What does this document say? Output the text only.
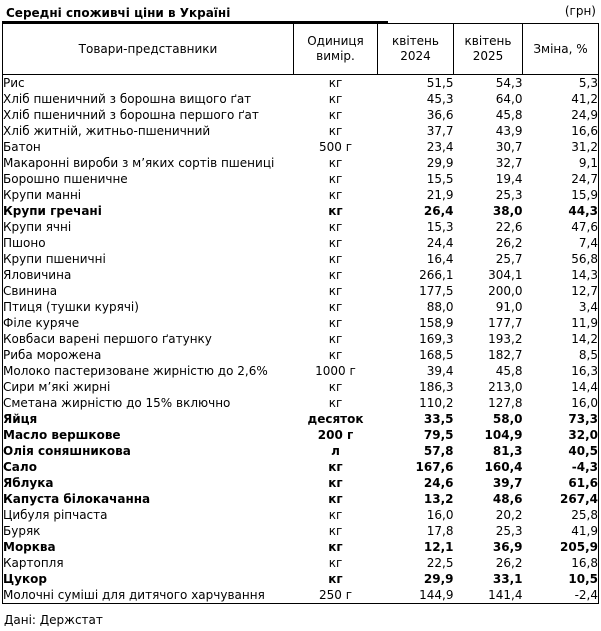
Середні споживчі ціни в Україні	(грн)
Товари-представники	Одиниця вимір.	квітень 2024	квітень 2025	Зміна, %
Рис	кг	51,5	54,3	5,3
Хліб пшеничний з борошна вищого ґат	кг	45,3	64,0	41,2
Хліб пшеничний з борошна першого ґат	кг	36,6	45,8	24,9
Хліб житній, житньо-пшеничний	кг	37,7	43,9	16,6
Батон	500 г	23,4	30,7	31,2
Макаронні вироби з м’яких сортів пшениці	кг	29,9	32,7	9,1
Борошно пшеничне	кг	15,5	19,4	24,7
Крупи манні	кг	21,9	25,3	15,9
Крупи гречані	кг	26,4	38,0	44,3
Крупи ячні	кг	15,3	22,6	47,6
Пшоно	кг	24,4	26,2	7,4
Крупи пшеничні	кг	16,4	25,7	56,8
Яловичина	кг	266,1	304,1	14,3
Свинина	кг	177,5	200,0	12,7
Птиця (тушки курячі)	кг	88,0	91,0	3,4
Філе куряче	кг	158,9	177,7	11,9
Ковбаси варені першого ґатунку	кг	169,3	193,2	14,2
Риба морожена	кг	168,5	182,7	8,5
Молоко пастеризоване жирністю до 2,6%	1000 г	39,4	45,8	16,3
Сири м’які жирні	кг	186,3	213,0	14,4
Сметана жирністю до 15% включно	кг	110,2	127,8	16,0
Яйця	десяток	33,5	58,0	73,3
Масло вершкове	200 г	79,5	104,9	32,0
Олія соняшникова	л	57,8	81,3	40,5
Сало	кг	167,6	160,4	-4,3
Яблука	кг	24,6	39,7	61,6
Капуста білокачанна	кг	13,2	48,6	267,4
Цибуля ріпчаста	кг	16,0	20,2	25,8
Буряк	кг	17,8	25,3	41,9
Морква	кг	12,1	36,9	205,9
Картопля	кг	22,5	26,2	16,8
Цукор	кг	29,9	33,1	10,5
Молочні суміші для дитячого харчування	250 г	144,9	141,4	-2,4
Дані: Держстат
